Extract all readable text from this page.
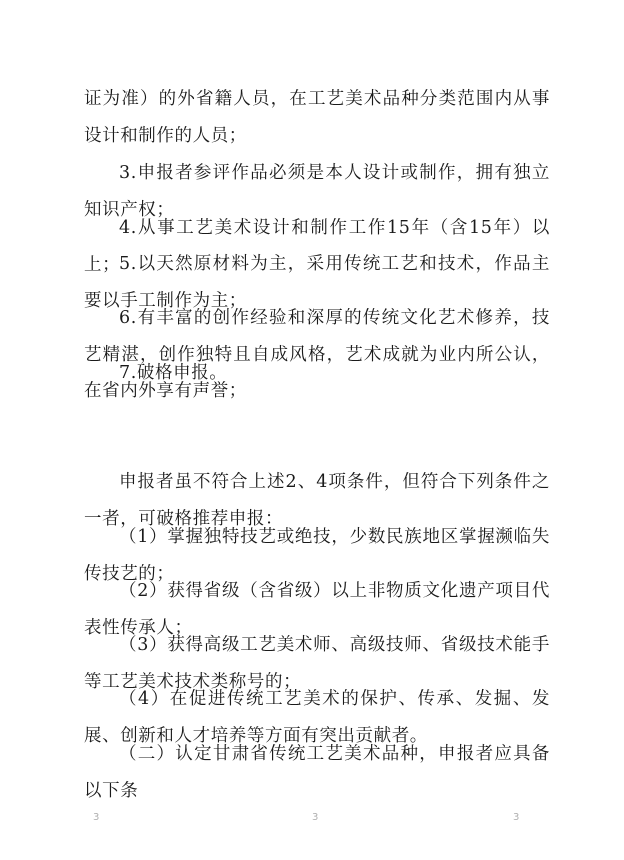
证为准）的外省籍人员，在工艺美术品种分类范围内从事设计和制作的人员；
3.申报者参评作品必须是本人设计或制作，拥有独立知识产权；
4.从事工艺美术设计和制作工作15年（含15年）以上；
5.以天然原材料为主，采用传统工艺和技术，作品主要以手工制作为主；
6.有丰富的创作经验和深厚的传统文化艺术修养，技艺精湛，创作独特且自成风格，艺术成就为业内所公认，在省内外享有声誉；
7.破格申报。
申报者虽不符合上述2、4项条件，但符合下列条件之一者，可破格推荐申报：
（1）掌握独特技艺或绝技，少数民族地区掌握濒临失传技艺的；
（2）获得省级（含省级）以上非物质文化遗产项目代表性传承人；
（3）获得高级工艺美术师、高级技师、省级技术能手等工艺美术技术类称号的；
（4）在促进传统工艺美术的保护、传承、发掘、发展、创新和人才培养等方面有突出贡献者。
（二）认定甘肃省传统工艺美术品种，申报者应具备以下条
3	3	3
